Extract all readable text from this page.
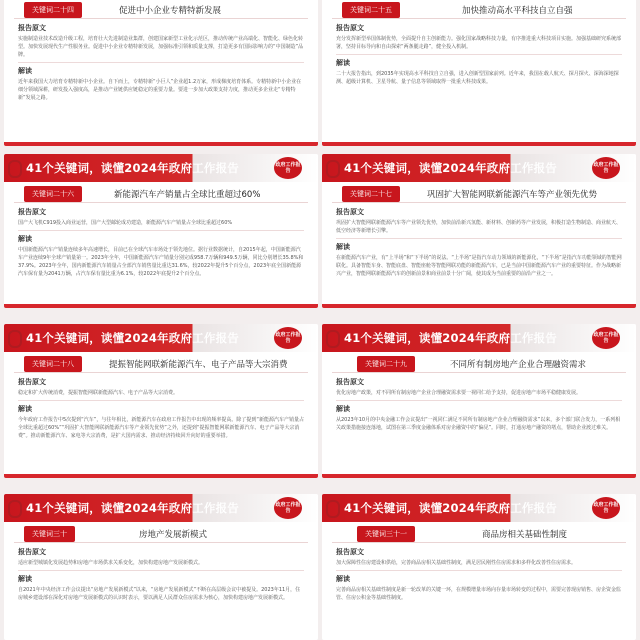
关键词二十四	促进中小企业专精特新发展
报告原文
实施制造业技术改造升级工程，培育壮大先进制造业集群，创建国家新型工业化示范区，推动传统产业高端化、智能化、绿色化转型。加快发展现代生产性服务业。促进中小企业专精特新发展，加强标准引领和质量支撑，打造更多有国际影响力的“中国制造”品牌。
解读
近年来我国大力培育专精特新中小企业。自下而上，专精特新“小巨人”企业超1.2万家，形成梯度培育体系。专精特新中小企业在细分领域深耕，研发投入强度高，是推动产业链供应链稳定的重要力量。要进一步加大政策支持力度，推动更多企业走“专精特新”发展之路。
关键词二十五	加快推动高水平科技自立自强
报告原文
充分发挥新型举国体制优势，全面提升自主创新能力。强化国家战略科技力量，有序推进重大科技项目实施。加强基础研究系统部署，坚持目标导向和自由探索“两条腿走路”，健全投入机制。
解读
二十大报告指出，到2035年实现高水平科技自立自强，进入创新型国家前列。近年来，我国在载人航天、探月探火、深海深地探测、超级计算机、卫星导航、量子信息等领域取得一批重大科技成果。
41个关键词，读懂2024年政府工作报告	政府工作报告
关键词二十六	新能源汽车产销量占全球比重超过60%
报告原文
国产大飞机C919投入商业运营，国产大型邮轮成功建造，新能源汽车产销量占全球比重超过60%
解读
中国新能源汽车产销量连续多年高速增长，目前已在全球汽车市场处于领先地位。据行业数据统计，自2015年起，中国新能源汽车产业连续9年全球产销量第一。2023年全年，中国新能源汽车产销量分别完成958.7万辆和949.5万辆，同比分别增长35.8%和37.9%。2023年全年，国内新能源汽车销量占全部汽车销售量比重达31.6%，较2022年提升5个百分点，2023年底全国新能源汽车保有量为2041万辆，占汽车保有量比重为6.1%，较2022年底提升2个百分点。
41个关键词，读懂2024年政府工作报告	政府工作报告
关键词二十七	巩固扩大智能网联新能源汽车等产业领先优势
报告原文
巩固扩大智能网联新能源汽车等产业领先优势，加快前沿新兴氢能、新材料、创新药等产业发展，积极打造生物制造、商业航天、低空经济等新增长引擎。
解读
在新能源汽车产业，有“上半场”和“下半场”的说法。“上半场”是指汽车动力领域的新能源化，“下半场”是指汽车功能领域的智能网联化。具备智能车身、智能底盘、智能座舱等智能网联功能的新能源汽车，已是当前中国新能源汽车产业的重要特征。作为战略新兴产业，智能网联新能源汽车的创新前景和商业前景十分广阔，使其成为当前重要的前沿产业之一。
41个关键词，读懂2024年政府工作报告	政府工作报告
关键词二十八	提振智能网联新能源汽车、电子产品等大宗消费
报告原文
稳定和扩大传统消费，提振智能网联新能源汽车、电子产品等大宗消费。
解读
今年政府工作报告中5次提到“汽车”，与往年相比，新能源汽车在政府工作报告中出现的频率提高。除了提到“新能源汽车产销量占全球比重超过60%”“巩固扩大智能网联新能源汽车等产业领先优势”之外，还提到“提振智能网联新能源汽车、电子产品等大宗消费”。推动新能源汽车、家电等大宗消费，是扩大国内需求、推动经济持续回升向好的重要举措。
41个关键词，读懂2024年政府工作报告	政府工作报告
关键词二十九	不同所有制房地产企业合理融资需求
报告原文
优化房地产政策，对不同所有制房地产企业合理融资需求要一视同仁给予支持，促进房地产市场平稳健康发展。
解读
从2023年10月的中央金融工作会议提出“一视同仁满足不同所有制房地产企业合理融资需求”以来，多个部门联合发力，一系列相关政策措施接连落地，试图在第三季度金融体系对房企融资中的“偏见”。同时，打通房地产融资的堵点，帮助企业渡过难关。
41个关键词，读懂2024年政府工作报告	政府工作报告
关键词三十	房地产发展新模式
报告原文
适应新型城镇化发展趋势和房地产市场供求关系变化，加快构建房地产发展新模式。
解读
自2021年中央经济工作会议提出“房地产发展新模式”以来，“房地产发展新模式”不断在高层级会议中被提及。2023年11月，住房城乡建设部在深化对房地产发展新模式的认识时表示，要以满足人民群众住房需求为核心，加快构建房地产发展新模式。
41个关键词，读懂2024年政府工作报告	政府工作报告
关键词三十一	商品房相关基础性制度
报告原文
加大保障性住房建设和供给，完善商品房相关基础性制度，满足居民刚性住房需求和多样化改善性住房需求。
解读
完善商品房相关基础性制度是新一轮改革的关键一环，在规模增量市场向存量市场转变的过程中，需要完善现房销售、房企资金监管、住房公积金等基础性制度。
